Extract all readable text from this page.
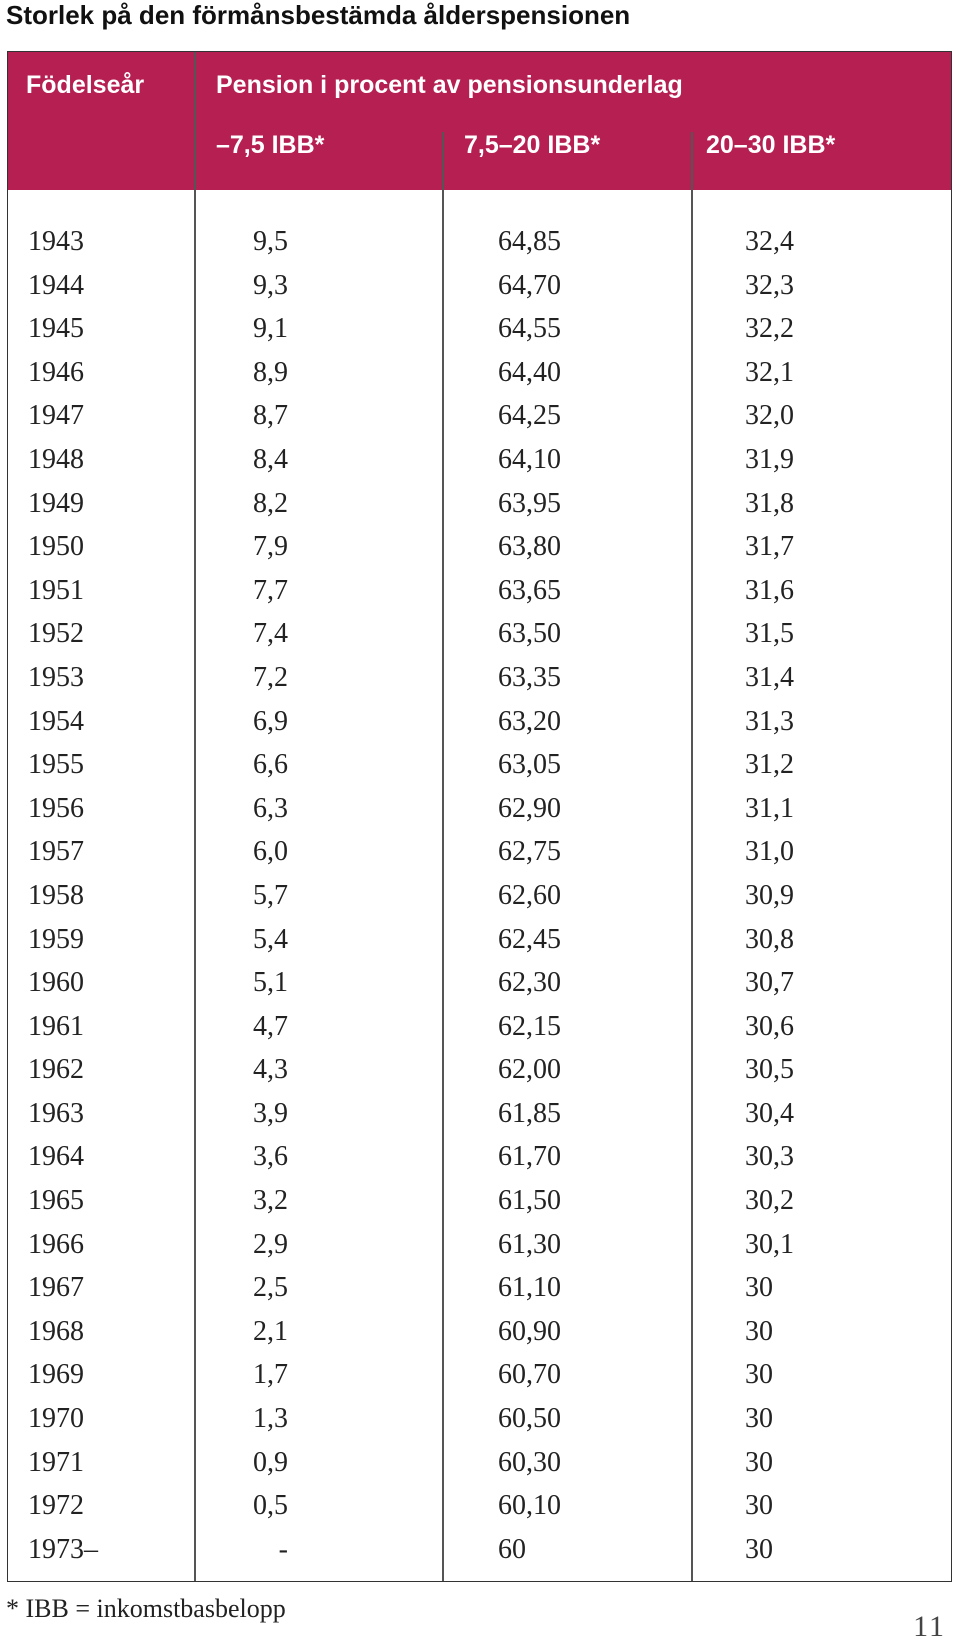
Storlek på den förmånsbestämda ålderspensionen
Födelseår	Pension i procent av pensionsunderlag
–7,5 IBB*	7,5–20 IBB*	20–30 IBB*
1943	9,5	64,85	32,4
1944	9,3	64,70	32,3
1945	9,1	64,55	32,2
1946	8,9	64,40	32,1
1947	8,7	64,25	32,0
1948	8,4	64,10	31,9
1949	8,2	63,95	31,8
1950	7,9	63,80	31,7
1951	7,7	63,65	31,6
1952	7,4	63,50	31,5
1953	7,2	63,35	31,4
1954	6,9	63,20	31,3
1955	6,6	63,05	31,2
1956	6,3	62,90	31,1
1957	6,0	62,75	31,0
1958	5,7	62,60	30,9
1959	5,4	62,45	30,8
1960	5,1	62,30	30,7
1961	4,7	62,15	30,6
1962	4,3	62,00	30,5
1963	3,9	61,85	30,4
1964	3,6	61,70	30,3
1965	3,2	61,50	30,2
1966	2,9	61,30	30,1
1967	2,5	61,10	30
1968	2,1	60,90	30
1969	1,7	60,70	30
1970	1,3	60,50	30
1971	0,9	60,30	30
1972	0,5	60,10	30
1973–	-	60	30
* IBB = inkomstbasbelopp
11
